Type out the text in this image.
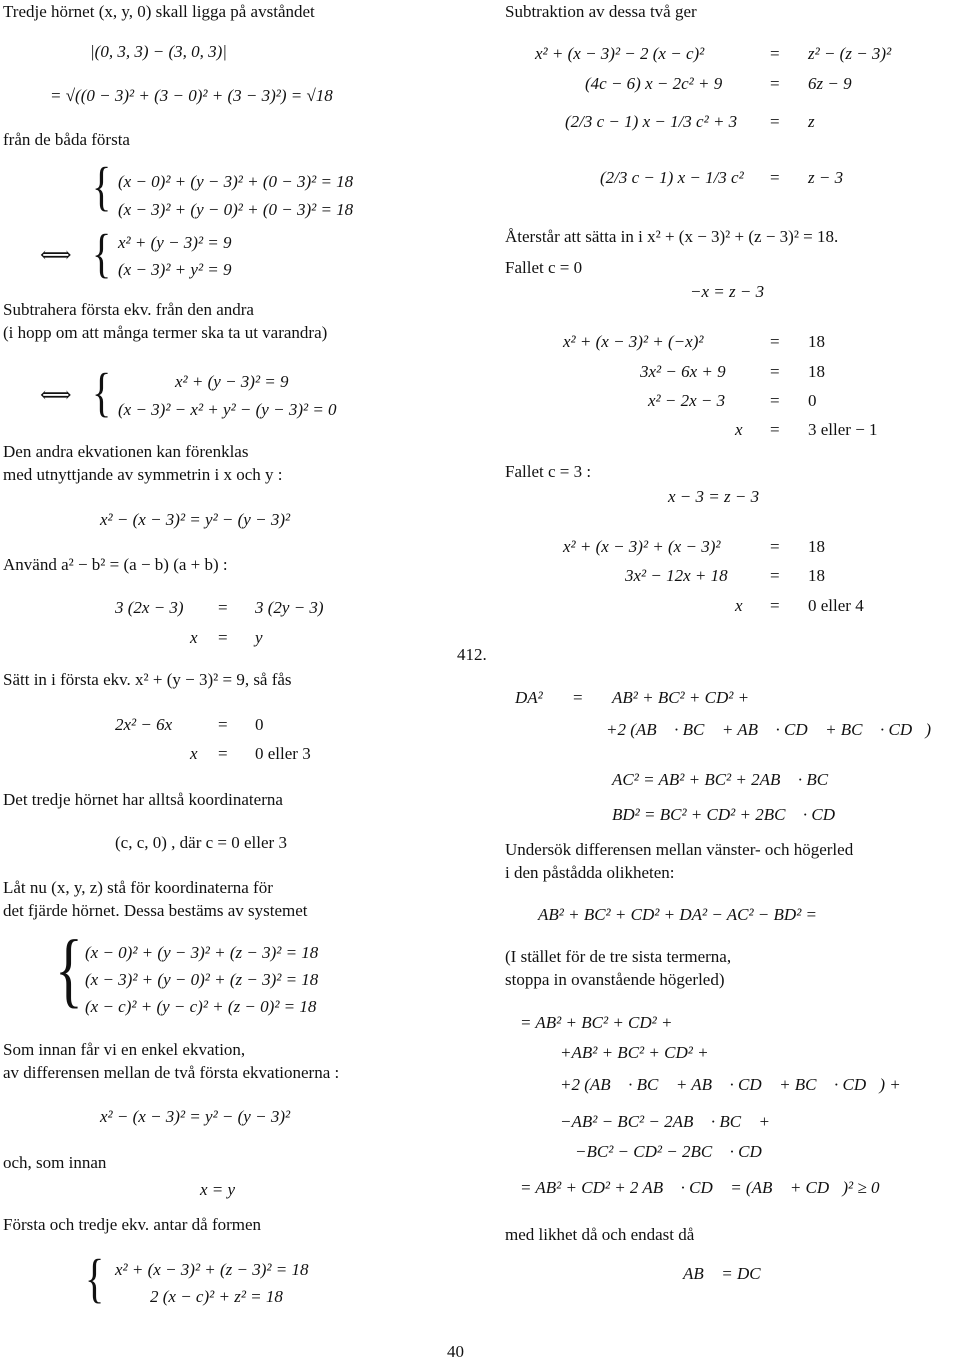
Tredje hörnet (x, y, 0) skall ligga på avståndet
|(0, 3, 3) − (3, 0, 3)|
= √((0 − 3)² + (3 − 0)² + (3 − 3)²) = √18
från de båda första
{ (x − 0)² + (y − 3)² + (0 − 3)² = 18
(x − 3)² + (y − 0)² + (0 − 3)² = 18
⟺ { x² + (y − 3)² = 9
(x − 3)² + y² = 9
Subtrahera första ekv. från den andra
(i hopp om att många termer ska ta ut varandra)
⟺ {	x² + (y − 3)² = 9
(x − 3)² − x² + y² − (y − 3)² = 0
Den andra ekvationen kan förenklas
med utnyttjande av symmetrin i x och y :
x² − (x − 3)² = y² − (y − 3)²
Använd a² − b² = (a − b) (a + b) :
3 (2x − 3) = 3 (2y − 3)
x = y
Sätt in i första ekv. x² + (y − 3)² = 9, så fås
2x² − 6x	= 0
x = 0 eller 3
Det tredje hörnet har alltså koordinaterna
(c, c, 0) , där c = 0 eller 3
Låt nu (x, y, z) stå för koordinaterna för
det fjärde hörnet. Dessa bestäms av systemet
{ (x − 0)² + (y − 3)² + (z − 3)² = 18
(x − 3)² + (y − 0)² + (z − 3)² = 18
(x − c)² + (y − c)² + (z − 0)² = 18
Som innan får vi en enkel ekvation,
av differensen mellan de två första ekvationerna :
x² − (x − 3)² = y² − (y − 3)²
och, som innan
x = y
Första och tredje ekv. antar då formen
{ x² + (x − 3)² + (z − 3)² = 18
2 (x − c)² + z² = 18
Subtraktion av dessa två ger
x² + (x − 3)² − 2 (x − c)²	= z² − (z − 3)²
(4c − 6) x − 2c² + 9	= 6z − 9
(2/3 c − 1) x − 1/3 c² + 3 = z
(2/3 c − 1) x − 1/3 c² = z − 3
Återstår att sätta in i x² + (x − 3)² + (z − 3)² = 18.
Fallet c = 0
−x = z − 3
x² + (x − 3)² + (−x)²	= 18
3x² − 6x + 9	= 18
x² − 2x − 3	= 0
x = 3 eller − 1
Fallet c = 3 :
x − 3 = z − 3
x² + (x − 3)² + (x − 3)²	= 18
3x² − 12x + 18 = 18
x = 0 eller 4
412.
DA² = AB² + BC² + CD² +
+2 (AB⃗ · BC⃗ + AB⃗ · CD⃗ + BC⃗ · CD⃗)
AC² = AB² + BC² + 2AB⃗ · BC⃗
BD² = BC² + CD² + 2BC⃗ · CD⃗
Undersök differensen mellan vänster- och högerled
i den påstådda olikheten:
AB² + BC² + CD² + DA² − AC² − BD² =
(I stället för de tre sista termerna,
stoppa in ovanstående högerled)
= AB² + BC² + CD² +
+AB² + BC² + CD² +
+2 (AB⃗ · BC⃗ + AB⃗ · CD⃗ + BC⃗ · CD⃗) +
−AB² − BC² − 2AB⃗ · BC⃗ +
−BC² − CD² − 2BC⃗ · CD⃗
= AB² + CD² + 2 AB⃗ · CD⃗ = (AB⃗ + CD⃗)² ≥ 0
med likhet då och endast då
AB⃗ = DC⃗
40
